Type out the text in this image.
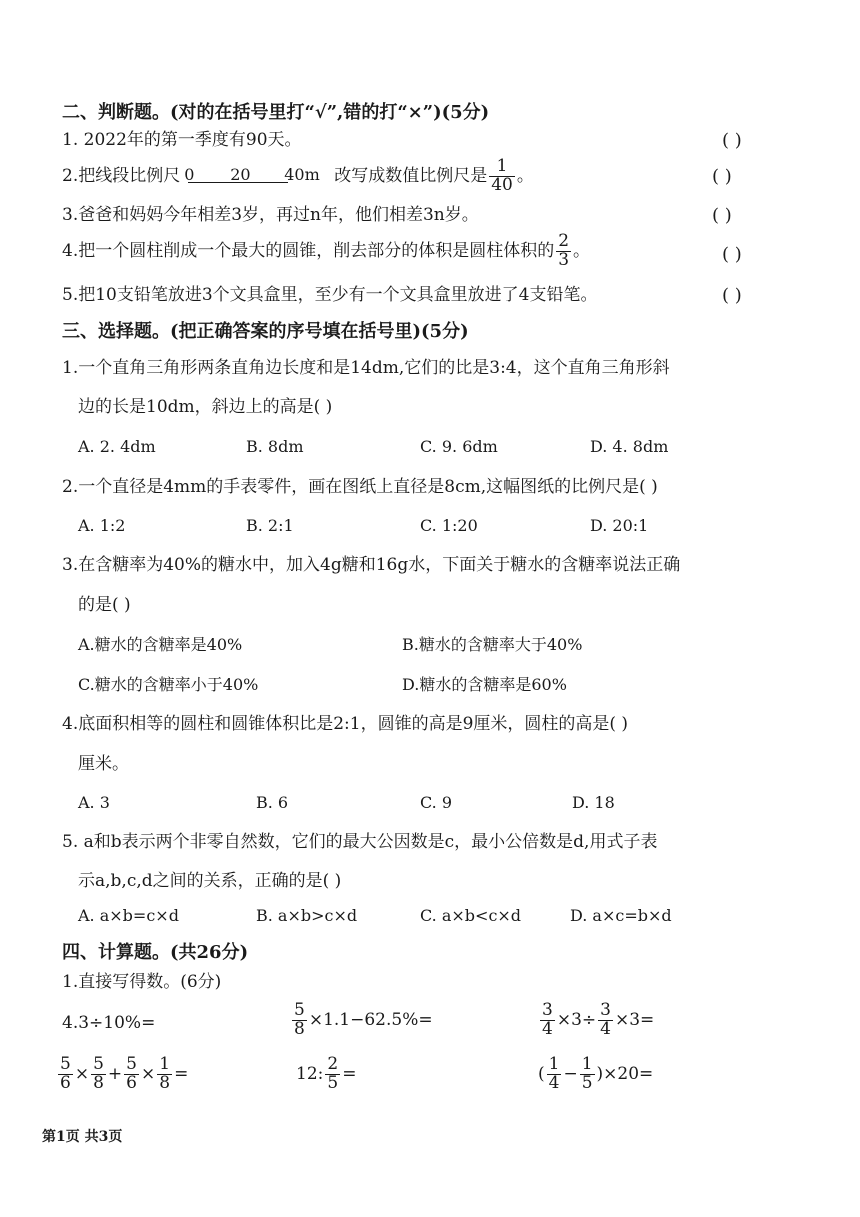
二、判断题。(对的在括号里打“√”,错的打“×”)(5分)
1. 2022年的第一季度有90天。	( )
2.把线段比例尺 0 20 40m 改写成数值比例尺是 $\frac{1}{40}$ 。	( )
3.爸爸和妈妈今年相差3岁，再过n年，他们相差3n岁。	( )
4.把一个圆柱削成一个最大的圆锥，削去部分的体积是圆柱体积的 $\frac{2}{3}$ 。	( )
5.把10支铅笔放进3个文具盒里，至少有一个文具盒里放进了4支铅笔。	( )
三、选择题。(把正确答案的序号填在括号里)(5分)
1.一个直角三角形两条直角边长度和是14dm,它们的比是3:4，这个直角三角形斜
边的长是10dm，斜边上的高是( )
A. 2. 4dm	B. 8dm	C. 9. 6dm	D. 4. 8dm
2.一个直径是4mm的手表零件，画在图纸上直径是8cm,这幅图纸的比例尺是( )
A. 1:2	B. 2:1	C. 1:20	D. 20:1
3.在含糖率为40%的糖水中，加入4g糖和16g水，下面关于糖水的含糖率说法正确
的是( )
A.糖水的含糖率是40%	B.糖水的含糖率大于40%
C.糖水的含糖率小于40%	D.糖水的含糖率是60%
4.底面积相等的圆柱和圆锥体积比是2:1，圆锥的高是9厘米，圆柱的高是( )
厘米。
A. 3	B. 6	C. 9	D. 18
5. a和b表示两个非零自然数，它们的最大公因数是c，最小公倍数是d,用式子表
示a,b,c,d之间的关系，正确的是( )
A. a×b=c×d	B. a×b>c×d	C. a×b<c×d	D. a×c=b×d
四、计算题。(共26分)
1.直接写得数。(6分)
4.3÷10%=	$\frac{5}{8} \times 1.1-62.5\%=$	$\frac{3}{4} \times 3\div \frac{3}{4} \times 3=$
$\frac{5}{6} \times \frac{5}{8} + \frac{5}{6} \times \frac{1}{8}$ =	12: $\frac{2}{5}$ =	( $\frac{1}{4} - \frac{1}{5} )\times 20=$
第1页 共3页
